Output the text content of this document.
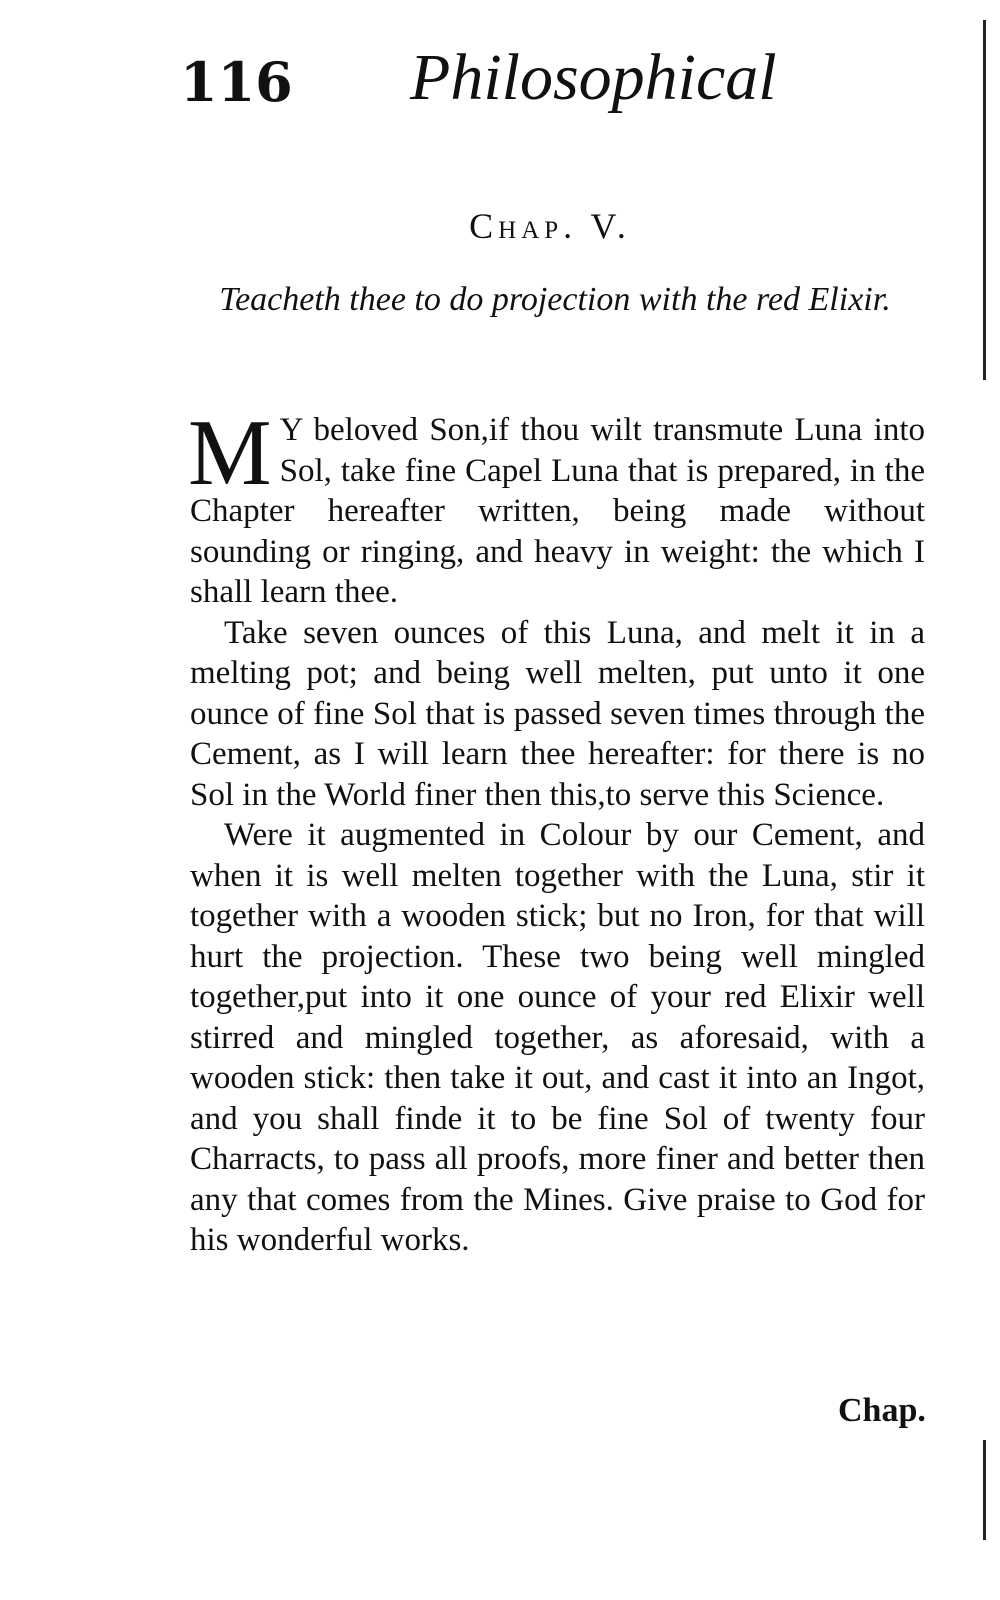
116 Philosophical
Chap. V.
Teacheth thee to do projection with the red Elixir.

M Y beloved Son,if thou wilt transmute Luna into Sol, take fine Capel Luna that is prepared, in the Chapter hereafter written, being made without sounding or ringing, and heavy in weight: the which I shall learn thee.

Take seven ounces of this Luna, and melt it in a melting pot; and being well melten, put unto it one ounce of fine Sol that is passed seven times through the Cement, as I will learn thee hereafter: for there is no Sol in the World finer then this,to serve this Science.

Were it augmented in Colour by our Cement, and when it is well melten together with the Luna, stir it together with a wooden stick; but no Iron, for that will hurt the projection. These two being well mingled together,put into it one ounce of your red Elixir well stirred and mingled together, as aforesaid, with a wooden stick: then take it out, and cast it into an Ingot, and you shall finde it to be fine Sol of twenty four Charracts, to pass all proofs, more finer and better then any that comes from the Mines. Give praise to God for his wonderful works.

Chap.
